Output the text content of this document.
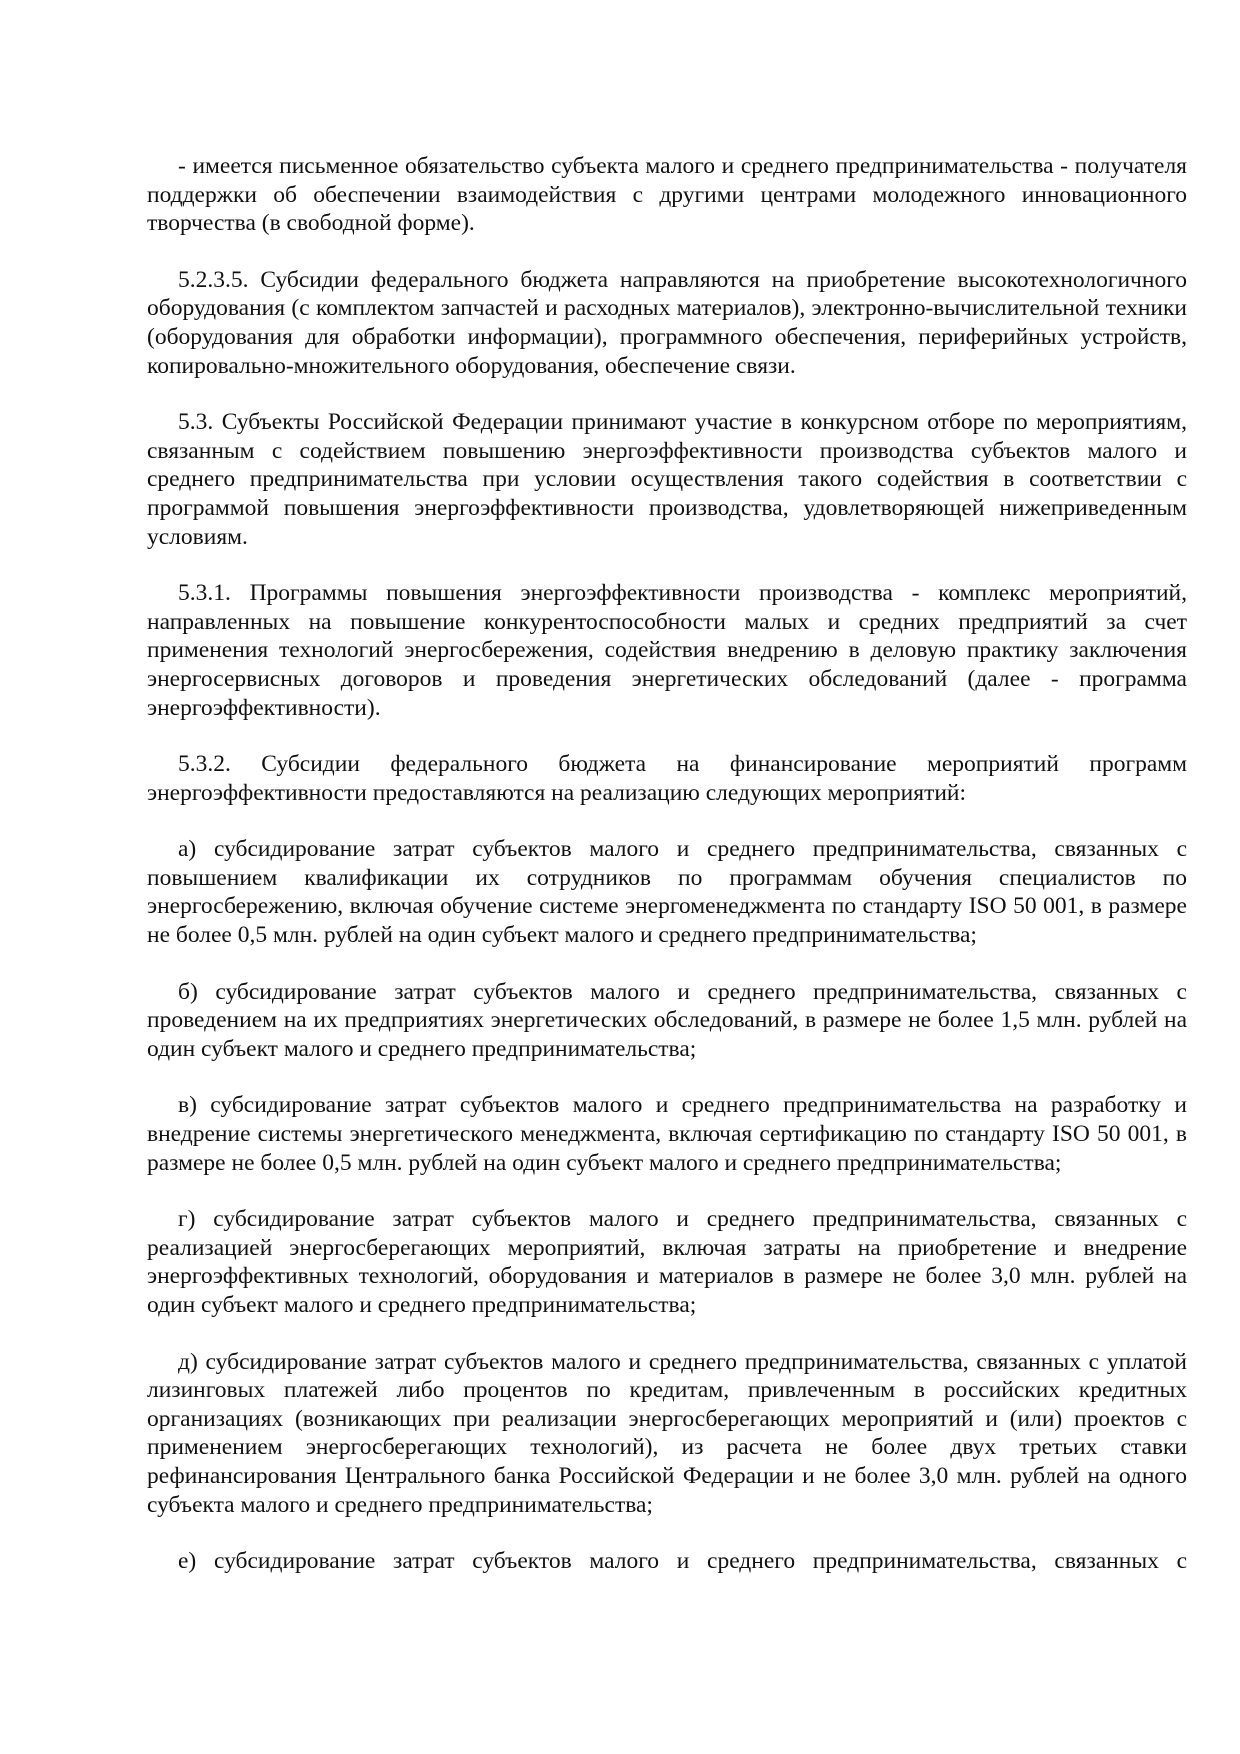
- имеется письменное обязательство субъекта малого и среднего предпринимательства - получателя поддержки об обеспечении взаимодействия с другими центрами молодежного инновационного творчества (в свободной форме).

5.2.3.5. Субсидии федерального бюджета направляются на приобретение высокотехнологичного оборудования (с комплектом запчастей и расходных материалов), электронно-вычислительной техники (оборудования для обработки информации), программного обеспечения, периферийных устройств, копировально-множительного оборудования, обеспечение связи.

5.3. Субъекты Российской Федерации принимают участие в конкурсном отборе по мероприятиям, связанным с содействием повышению энергоэффективности производства субъектов малого и среднего предпринимательства при условии осуществления такого содействия в соответствии с программой повышения энергоэффективности производства, удовлетворяющей нижеприведенным условиям.

5.3.1. Программы повышения энергоэффективности производства - комплекс мероприятий, направленных на повышение конкурентоспособности малых и средних предприятий за счет применения технологий энергосбережения, содействия внедрению в деловую практику заключения энергосервисных договоров и проведения энергетических обследований (далее - программа энергоэффективности).

5.3.2. Субсидии федерального бюджета на финансирование мероприятий программ энергоэффективности предоставляются на реализацию следующих мероприятий:

а) субсидирование затрат субъектов малого и среднего предпринимательства, связанных с повышением квалификации их сотрудников по программам обучения специалистов по энергосбережению, включая обучение системе энергоменеджмента по стандарту ISO 50 001, в размере не более 0,5 млн. рублей на один субъект малого и среднего предпринимательства;

б) субсидирование затрат субъектов малого и среднего предпринимательства, связанных с проведением на их предприятиях энергетических обследований, в размере не более 1,5 млн. рублей на один субъект малого и среднего предпринимательства;

в) субсидирование затрат субъектов малого и среднего предпринимательства на разработку и внедрение системы энергетического менеджмента, включая сертификацию по стандарту ISO 50 001, в размере не более 0,5 млн. рублей на один субъект малого и среднего предпринимательства;

г) субсидирование затрат субъектов малого и среднего предпринимательства, связанных с реализацией энергосберегающих мероприятий, включая затраты на приобретение и внедрение энергоэффективных технологий, оборудования и материалов в размере не более 3,0 млн. рублей на один субъект малого и среднего предпринимательства;

д) субсидирование затрат субъектов малого и среднего предпринимательства, связанных с уплатой лизинговых платежей либо процентов по кредитам, привлеченным в российских кредитных организациях (возникающих при реализации энергосберегающих мероприятий и (или) проектов с применением энергосберегающих технологий), из расчета не более двух третьих ставки рефинансирования Центрального банка Российской Федерации и не более 3,0 млн. рублей на одного субъекта малого и среднего предпринимательства;

е) субсидирование затрат субъектов малого и среднего предпринимательства, связанных с
